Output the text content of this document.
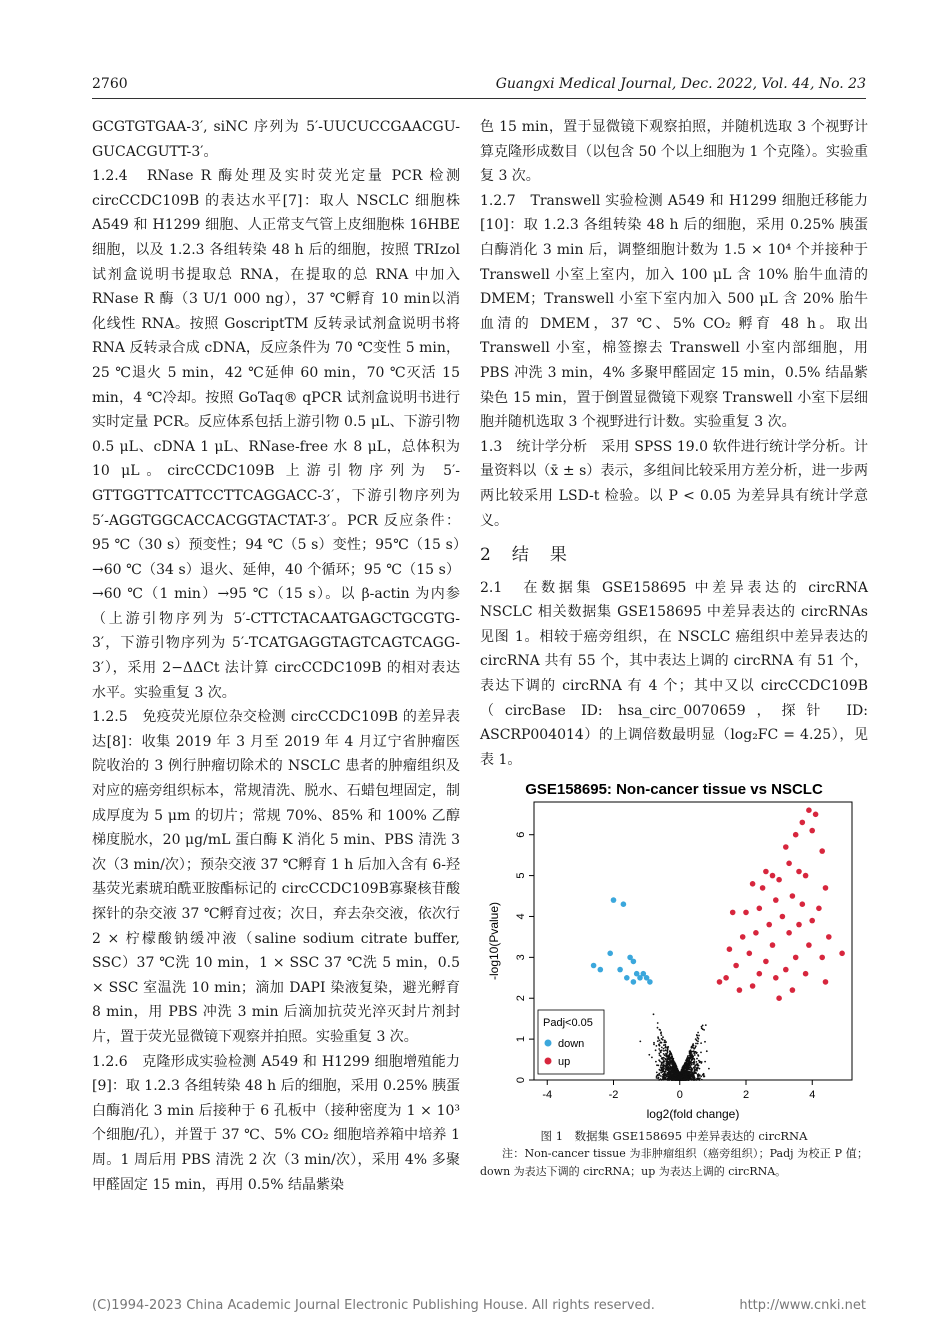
2760	Guangxi Medical Journal, Dec. 2022, Vol. 44, No. 23

GCGTGTGAA-3′, siNC 序列为 5′-UUCUCCGAACGU-GUCACGUTT-3′。

1.2.4　RNase R 酶处理及实时荧光定量 PCR 检测 circCCDC109B 的表达水平[7]：取人 NSCLC 细胞株 A549 和 H1299 细胞、人正常支气管上皮细胞株 16HBE 细胞，以及 1.2.3 各组转染 48 h 后的细胞，按照 TRIzol 试剂盒说明书提取总 RNA，在提取的总 RNA 中加入 RNase R 酶（3 U/1 000 ng），37 ℃孵育 10 min以消化线性 RNA。按照 GoscriptTM 反转录试剂盒说明书将 RNA 反转录合成 cDNA，反应条件为 70 ℃变性 5 min，25 ℃退火 5 min，42 ℃延伸 60 min，70 ℃灭活 15 min，4 ℃冷却。按照 GoTaq® qPCR 试剂盒说明书进行实时定量 PCR。反应体系包括上游引物 0.5 μL、下游引物 0.5 μL、cDNA 1 μL、RNase-free 水 8 μL，总体积为 10 μL。circCCDC109B 上游引物序列为 5′-GTTGGTTCATTCCTTCAGGACC-3′，下游引物序列为 5′-AGGTGGCACCACGGTACTAT-3′。PCR 反应条件：95 ℃（30 s）预变性；94 ℃（5 s）变性；95℃（15 s）→60 ℃（34 s）退火、延伸，40 个循环；95 ℃（15 s）→60 ℃（1 min）→95 ℃（15 s）。以 β-actin 为内参（上游引物序列为 5′-CTTCTACAATGAGCTGCGTG-3′，下游引物序列为 5′-TCATGAGGTAGTCAGTCAGG-3′），采用 2−ΔΔCt 法计算 circCCDC109B 的相对表达水平。实验重复 3 次。

1.2.5　免疫荧光原位杂交检测 circCCDC109B 的差异表达[8]：收集 2019 年 3 月至 2019 年 4 月辽宁省肿瘤医院收治的 3 例行肿瘤切除术的 NSCLC 患者的肿瘤组织及对应的癌旁组织标本，常规清洗、脱水、石蜡包埋固定，制成厚度为 5 μm 的切片；常规 70%、85% 和 100% 乙醇梯度脱水，20 μg/mL 蛋白酶 K 消化 5 min、PBS 清洗 3 次（3 min/次）；预杂交液 37 ℃孵育 1 h 后加入含有 6-羟基荧光素琥珀酰亚胺酯标记的 circCCDC109B寡聚核苷酸探针的杂交液 37 ℃孵育过夜；次日，弃去杂交液，依次行 2 × 柠檬酸钠缓冲液（saline sodium citrate buffer, SSC）37 ℃洗 10 min，1 × SSC 37 ℃洗 5 min，0.5 × SSC 室温洗 10 min；滴加 DAPI 染液复染，避光孵育 8 min，用 PBS 冲洗 3 min 后滴加抗荧光淬灭封片剂封片，置于荧光显微镜下观察并拍照。实验重复 3 次。

1.2.6　克隆形成实验检测 A549 和 H1299 细胞增殖能力[9]：取 1.2.3 各组转染 48 h 后的细胞，采用 0.25% 胰蛋白酶消化 3 min 后接种于 6 孔板中（接种密度为 1 × 10³ 个细胞/孔），并置于 37 ℃、5% CO₂ 细胞培养箱中培养 1 周。1 周后用 PBS 清洗 2 次（3 min/次），采用 4% 多聚甲醛固定 15 min，再用 0.5% 结晶紫染

色 15 min，置于显微镜下观察拍照，并随机选取 3 个视野计算克隆形成数目（以包含 50 个以上细胞为 1 个克隆）。实验重复 3 次。

1.2.7　Transwell 实验检测 A549 和 H1299 细胞迁移能力[10]：取 1.2.3 各组转染 48 h 后的细胞，采用 0.25% 胰蛋白酶消化 3 min 后，调整细胞计数为 1.5 × 10⁴ 个并接种于 Transwell 小室上室内，加入 100 μL 含 10% 胎牛血清的 DMEM；Transwell 小室下室内加入 500 μL 含 20% 胎牛血清的 DMEM，37 ℃、5% CO₂ 孵育 48 h。取出 Transwell 小室，棉签擦去 Transwell 小室内部细胞，用 PBS 冲洗 3 min，4% 多聚甲醛固定 15 min，0.5% 结晶紫染色 15 min，置于倒置显微镜下观察 Transwell 小室下层细胞并随机选取 3 个视野进行计数。实验重复 3 次。

1.3　统计学分析　采用 SPSS 19.0 软件进行统计学分析。计量资料以（x̄ ± s）表示，多组间比较采用方差分析，进一步两两比较采用 LSD-t 检验。以 P < 0.05 为差异具有统计学意义。

2　结　果

2.1　在数据集 GSE158695 中差异表达的 circRNA　NSCLC 相关数据集 GSE158695 中差异表达的 circRNAs见图 1。相较于癌旁组织，在 NSCLC 癌组织中差异表达的 circRNA 共有 55 个，其中表达上调的 circRNA 有 51 个，表达下调的 circRNA 有 4 个；其中又以 circCCDC109B（circBase ID: hsa_circ_0070659，探针 ID: ASCRP004014）的上调倍数最明显（log₂FC = 4.25），见表 1。

GSE158695: Non-cancer tissue vs NSCLC
-4	-2	0	2	4
0
1
2
3
4
5
6
log2(fold change)
-log10(Pvalue)
Padj<0.05
down
up

图 1　数据集 GSE158695 中差异表达的 circRNA

注：Non-cancer tissue 为非肿瘤组织（癌旁组织）；Padj 为校正 P 值；down 为表达下调的 circRNA；up 为表达上调的 circRNA。

(C)1994-2023 China Academic Journal Electronic Publishing House. All rights reserved.	http://www.cnki.net
